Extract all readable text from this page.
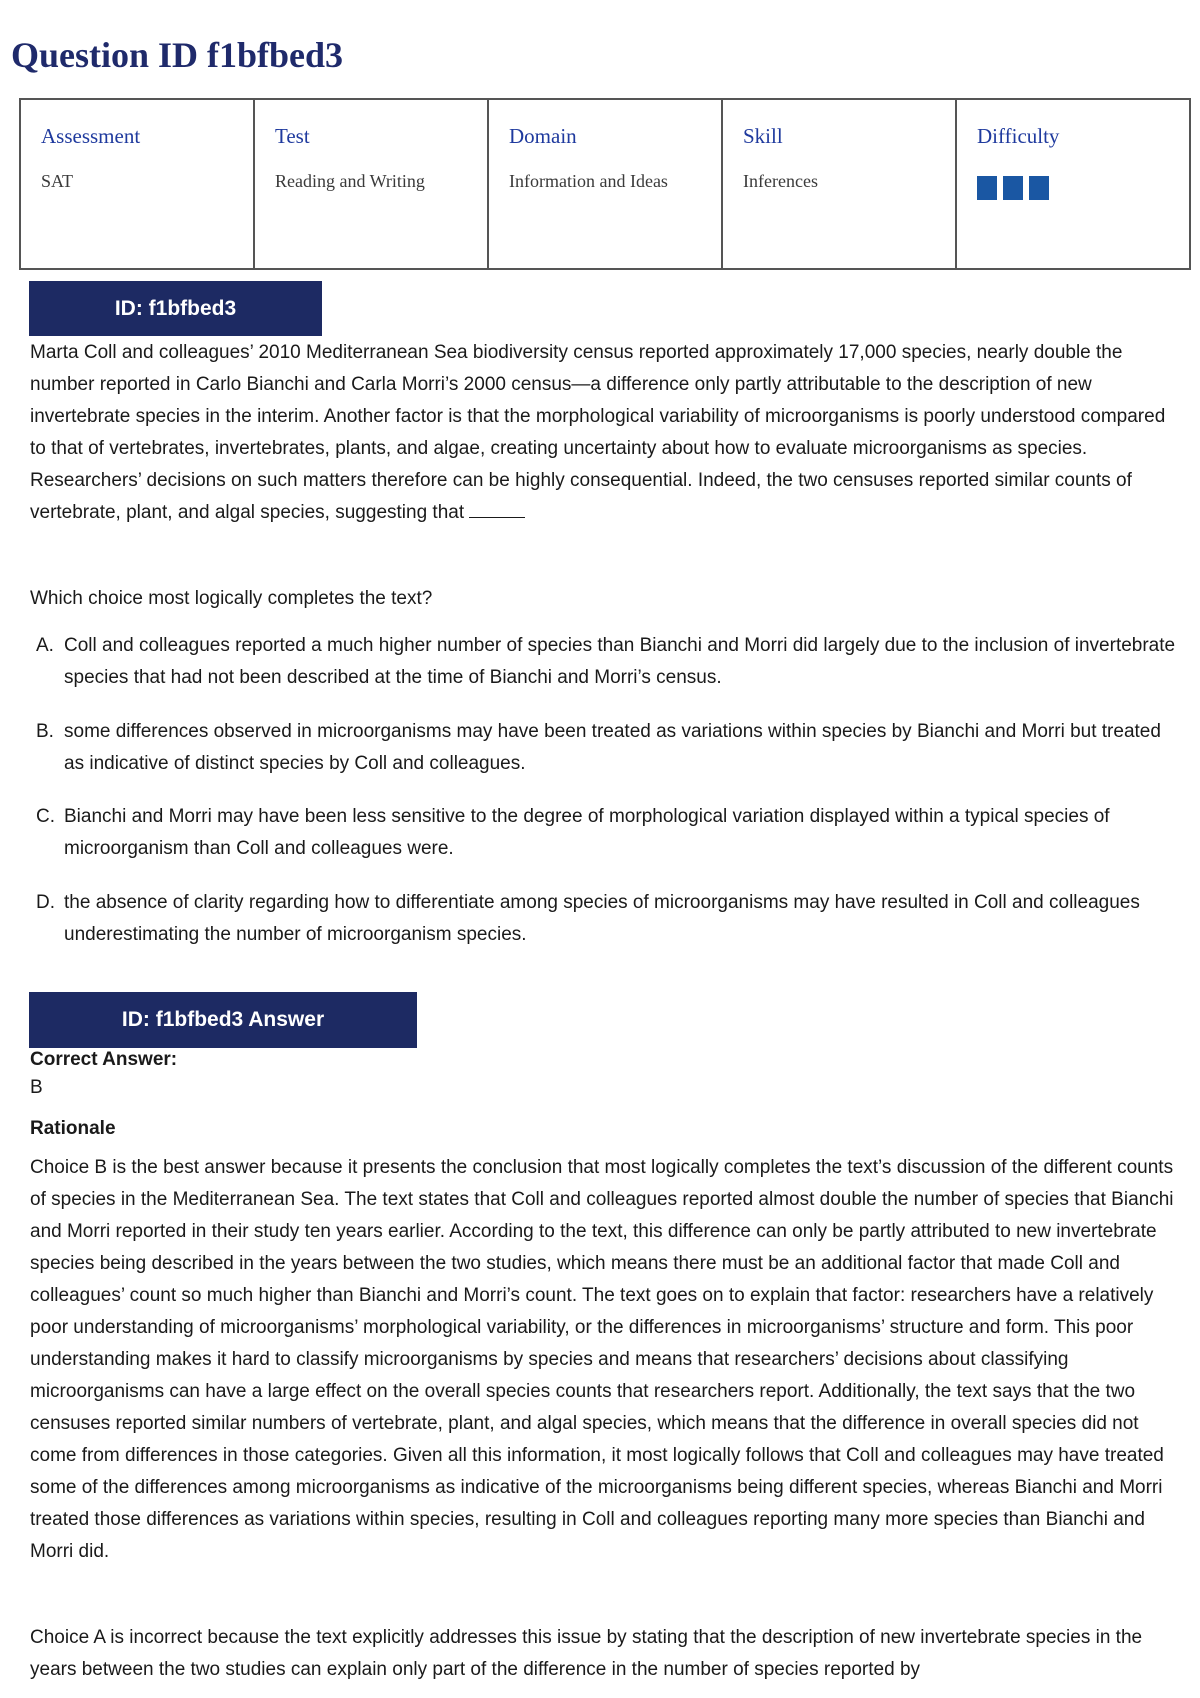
Question ID f1bfbed3
Assessment
SAT

Test
Reading and Writing

Domain
Information and Ideas

Skill
Inferences

Difficulty
ID: f1bfbed3
Marta Coll and colleagues’ 2010 Mediterranean Sea biodiversity census reported approximately 17,000 species, nearly double the number reported in Carlo Bianchi and Carla Morri’s 2000 census—a difference only partly attributable to the description of new invertebrate species in the interim. Another factor is that the morphological variability of microorganisms is poorly understood compared to that of vertebrates, invertebrates, plants, and algae, creating uncertainty about how to evaluate microorganisms as species. Researchers’ decisions on such matters therefore can be highly consequential. Indeed, the two censuses reported similar counts of vertebrate, plant, and algal species, suggesting that
Which choice most logically completes the text?
A. Coll and colleagues reported a much higher number of species than Bianchi and Morri did largely due to the inclusion of invertebrate species that had not been described at the time of Bianchi and Morri’s census.
B. some differences observed in microorganisms may have been treated as variations within species by Bianchi and Morri but treated as indicative of distinct species by Coll and colleagues.
C. Bianchi and Morri may have been less sensitive to the degree of morphological variation displayed within a typical species of microorganism than Coll and colleagues were.
D. the absence of clarity regarding how to differentiate among species of microorganisms may have resulted in Coll and colleagues underestimating the number of microorganism species.
ID: f1bfbed3 Answer
Correct Answer:
B
Rationale
Choice B is the best answer because it presents the conclusion that most logically completes the text’s discussion of the different counts of species in the Mediterranean Sea. The text states that Coll and colleagues reported almost double the number of species that Bianchi and Morri reported in their study ten years earlier. According to the text, this difference can only be partly attributed to new invertebrate species being described in the years between the two studies, which means there must be an additional factor that made Coll and colleagues’ count so much higher than Bianchi and Morri’s count. The text goes on to explain that factor: researchers have a relatively poor understanding of microorganisms’ morphological variability, or the differences in microorganisms’ structure and form. This poor understanding makes it hard to classify microorganisms by species and means that researchers’ decisions about classifying microorganisms can have a large effect on the overall species counts that researchers report. Additionally, the text says that the two censuses reported similar numbers of vertebrate, plant, and algal species, which means that the difference in overall species did not come from differences in those categories. Given all this information, it most logically follows that Coll and colleagues may have treated some of the differences among microorganisms as indicative of the microorganisms being different species, whereas Bianchi and Morri treated those differences as variations within species, resulting in Coll and colleagues reporting many more species than Bianchi and Morri did.
Choice A is incorrect because the text explicitly addresses this issue by stating that the description of new invertebrate species in the years between the two studies can explain only part of the difference in the number of species reported by
